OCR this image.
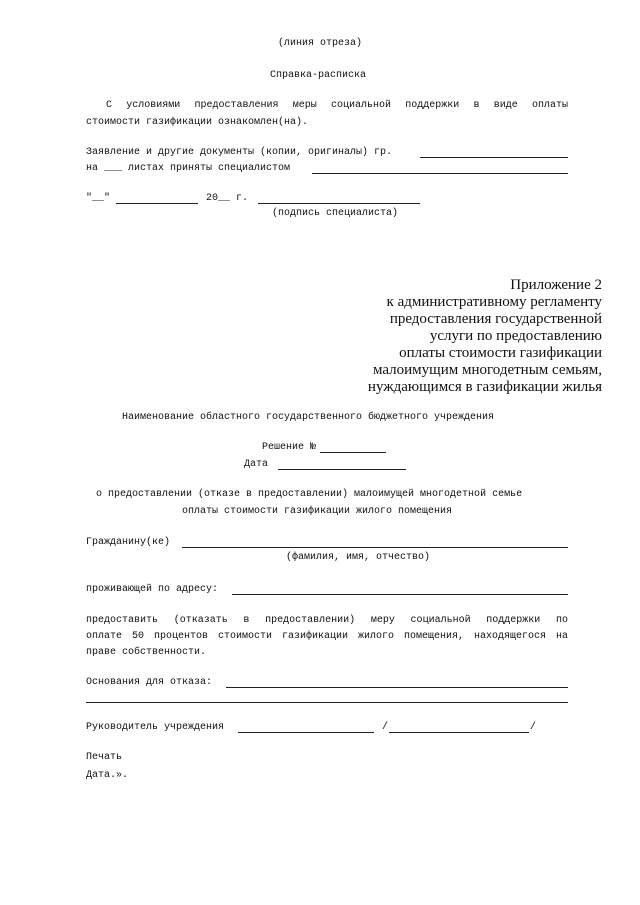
(линия отреза)
Справка-расписка
С условиями предоставления меры социальной поддержки в виде оплаты
стоимости газификации ознакомлен(на).
Заявление и другие документы (копии, оригиналы) гр.
на ___ листах приняты специалистом
"__"	20__ г.
(подпись специалиста)
Приложение 2
к административному регламенту
предоставления государственной
услуги по предоставлению
оплаты стоимости газификации
малоимущим многодетным семьям,
нуждающимся в газификации жилья
Наименование областного государственного бюджетного учреждения
Решение №
Дата
о предоставлении (отказе в предоставлении) малоимущей многодетной семье
оплаты стоимости газификации жилого помещения
Гражданину(ке)
(фамилия, имя, отчество)
проживающей по адресу:
предоставить (отказать в предоставлении) меру социальной поддержки по
оплате 50 процентов стоимости газификации жилого помещения, находящегося на
праве собственности.
Основания для отказа:
Руководитель учреждения	/	/
Печать
Дата.».
